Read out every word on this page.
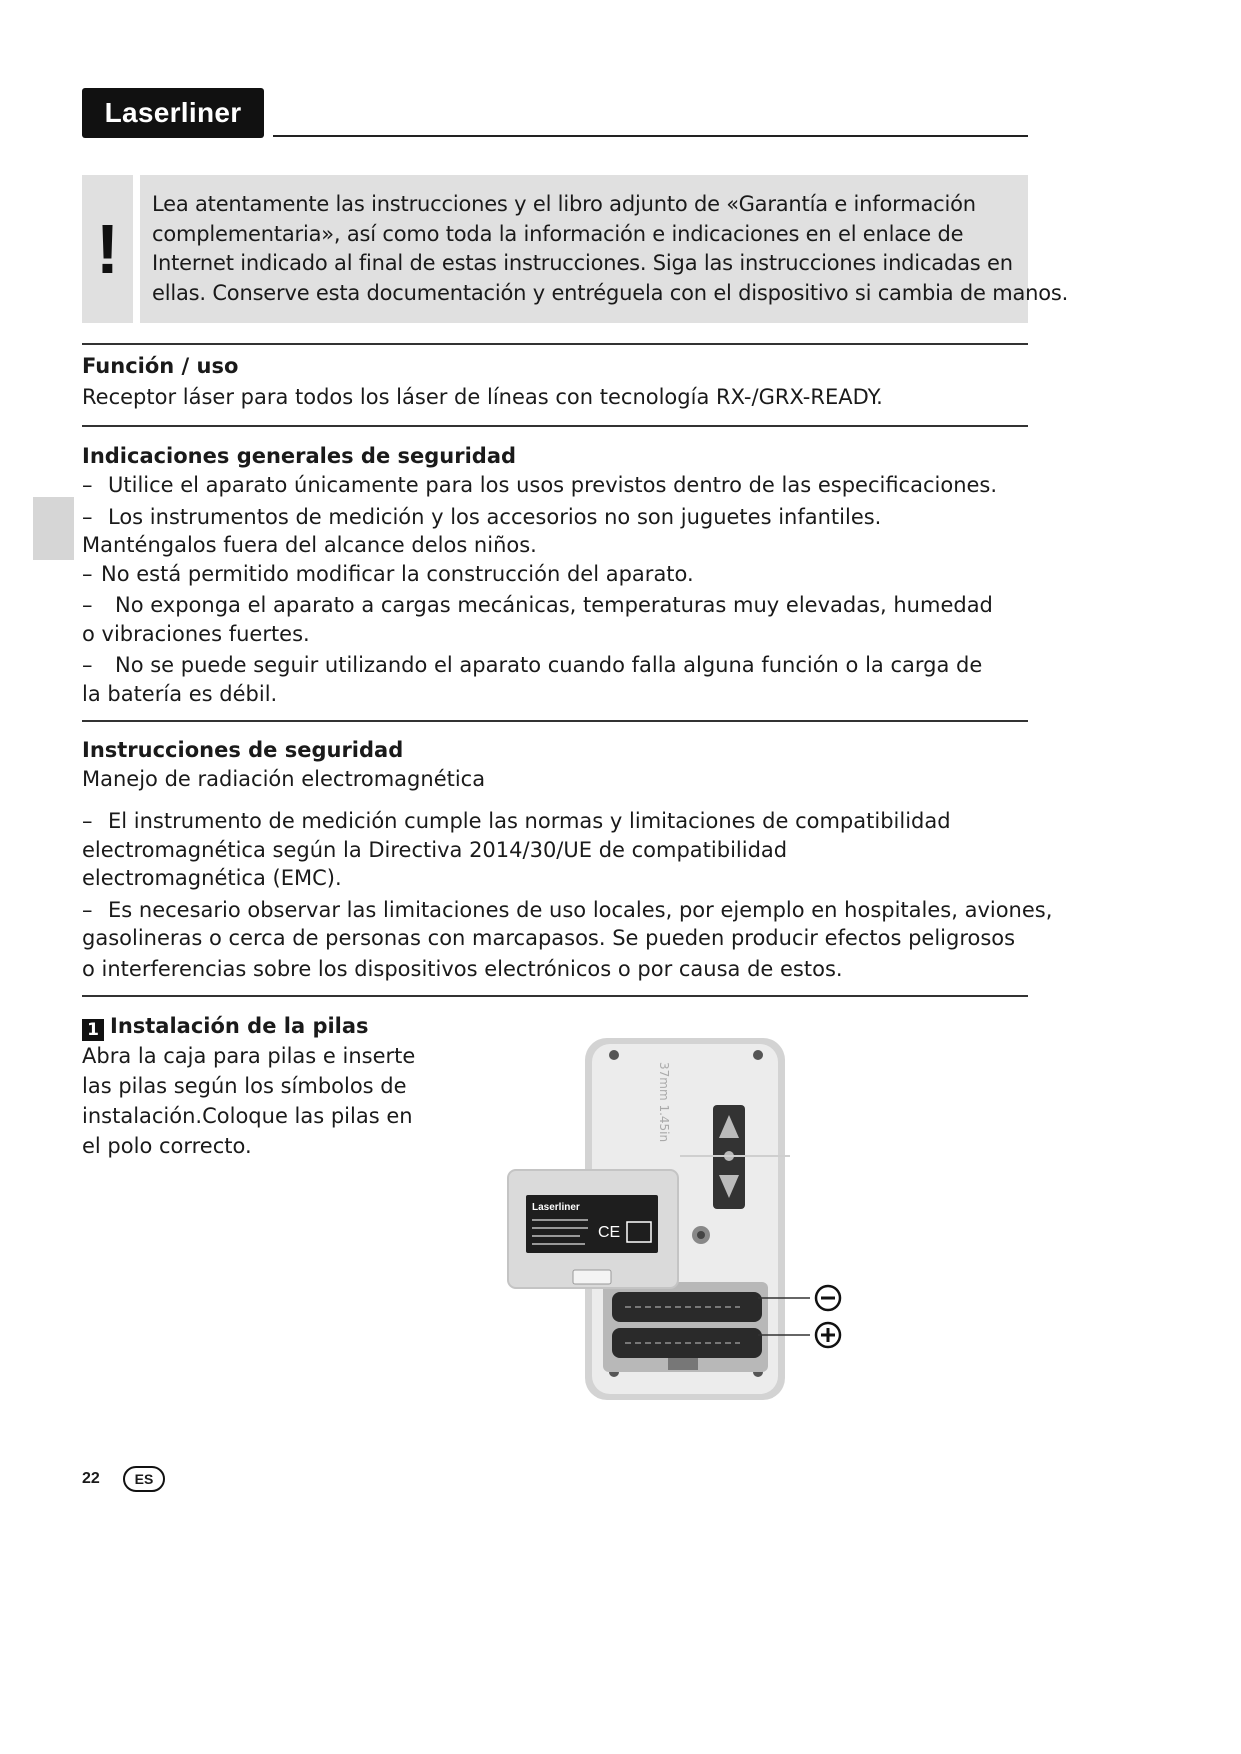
Laserliner
!

Lea atentamente las instrucciones y el libro adjunto de «Garantía e información

complementaria», así como toda la información e indicaciones en el enlace de

Internet indicado al final de estas instrucciones. Siga las instrucciones indicadas en

ellas. Conserve esta documentación y entréguela con el dispositivo si cambia de manos.

Función / uso
Receptor láser para todos los láser de líneas con tecnología RX-/GRX-READY.
Indicaciones generales de seguridad
– Utilice el aparato únicamente para los usos previstos dentro de las especificaciones.
– Los instrumentos de medición y los accesorios no son juguetes infantiles.
Manténgalos fuera del alcance delos niños.
– No está permitido modificar la construcción del aparato.
– No exponga el aparato a cargas mecánicas, temperaturas muy elevadas, humedad
o vibraciones fuertes.
– No se puede seguir utilizando el aparato cuando falla alguna función o la carga de
la batería es débil.
Instrucciones de seguridad
Manejo de radiación electromagnética
– El instrumento de medición cumple las normas y limitaciones de compatibilidad
electromagnética según la Directiva 2014/30/UE de compatibilidad
electromagnética (EMC).
– Es necesario observar las limitaciones de uso locales, por ejemplo en hospitales, aviones,
gasolineras o cerca de personas con marcapasos. Se pueden producir efectos peligrosos
o interferencias sobre los dispositivos electrónicos o por causa de estos.
1 Instalación de la pilas
Abra la caja para pilas e inserte
las pilas según los símbolos de
instalación.Coloque las pilas en
el polo correcto.
37mm 1.45in
Laserliner
CE
22	ES
